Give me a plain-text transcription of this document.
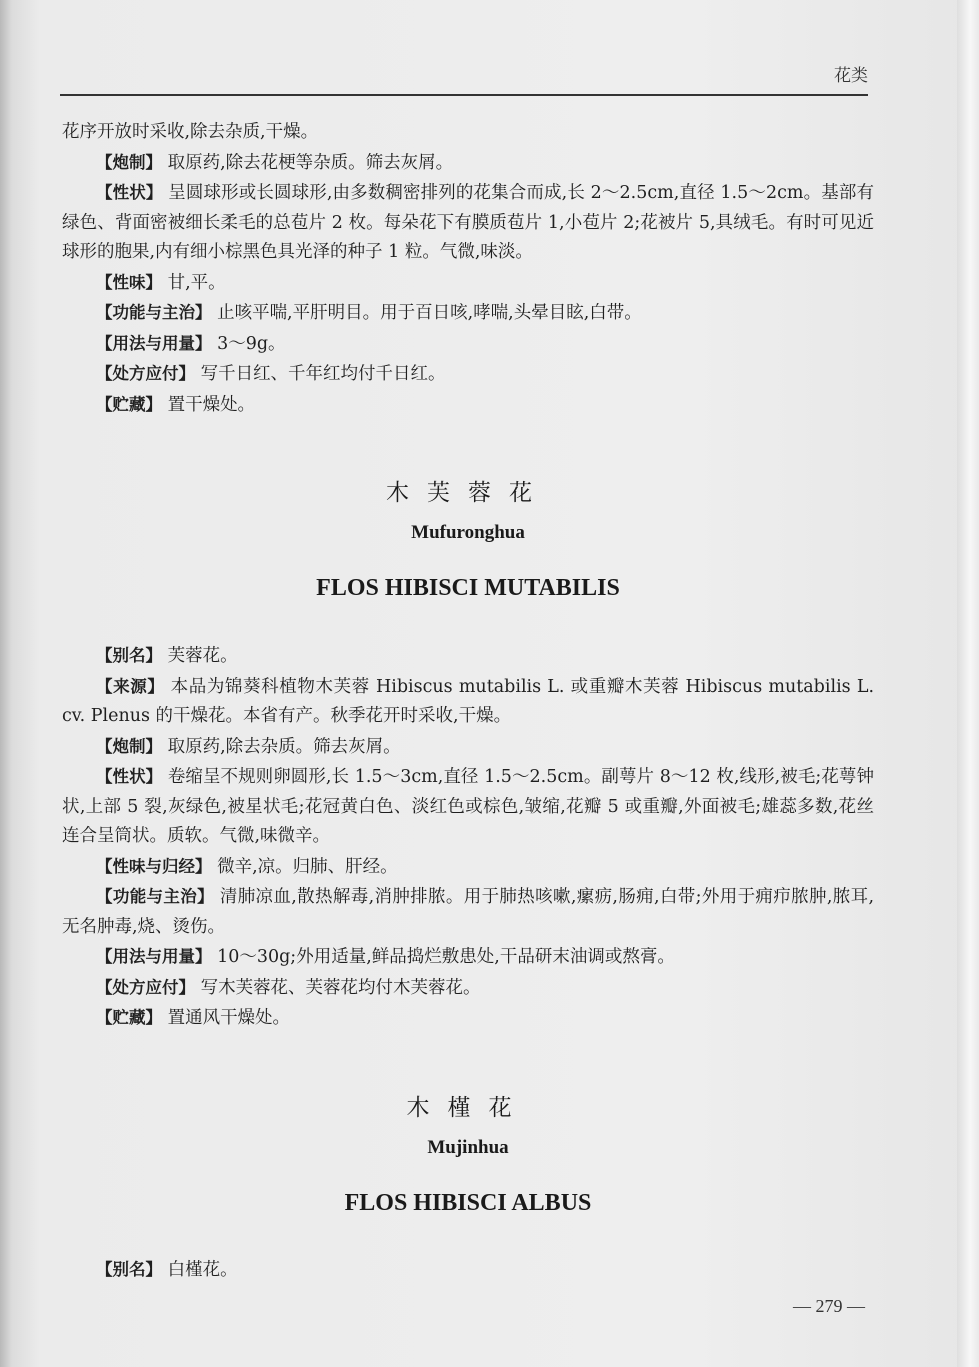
花类

花序开放时采收,除去杂质,干燥。

【炮制】 取原药,除去花梗等杂质。筛去灰屑。

【性状】 呈圆球形或长圆球形,由多数稠密排列的花集合而成,长 2～2.5cm,直径 1.5～2cm。基部有绿色、背面密被细长柔毛的总苞片 2 枚。每朵花下有膜质苞片 1,小苞片 2;花被片 5,具绒毛。有时可见近球形的胞果,内有细小棕黑色具光泽的种子 1 粒。气微,味淡。

【性味】 甘,平。

【功能与主治】 止咳平喘,平肝明目。用于百日咳,哮喘,头晕目眩,白带。

【用法与用量】 3～9g。

【处方应付】 写千日红、千年红均付千日红。

【贮藏】 置干燥处。

木芙蓉花
Mufuronghua
FLOS HIBISCI MUTABILIS

【别名】 芙蓉花。

【来源】 本品为锦葵科植物木芙蓉 Hibiscus mutabilis L. 或重瓣木芙蓉 Hibiscus mutabilis L. cv. Plenus 的干燥花。本省有产。秋季花开时采收,干燥。

【炮制】 取原药,除去杂质。筛去灰屑。

【性状】 卷缩呈不规则卵圆形,长 1.5～3cm,直径 1.5～2.5cm。副萼片 8～12 枚,线形,被毛;花萼钟状,上部 5 裂,灰绿色,被星状毛;花冠黄白色、淡红色或棕色,皱缩,花瓣 5 或重瓣,外面被毛;雄蕊多数,花丝连合呈筒状。质软。气微,味微辛。

【性味与归经】 微辛,凉。归肺、肝经。

【功能与主治】 清肺凉血,散热解毒,消肿排脓。用于肺热咳嗽,瘰疬,肠痈,白带;外用于痈疖脓肿,脓耳,无名肿毒,烧、烫伤。

【用法与用量】 10～30g;外用适量,鲜品捣烂敷患处,干品研末油调或熬膏。

【处方应付】 写木芙蓉花、芙蓉花均付木芙蓉花。

【贮藏】 置通风干燥处。

木槿花
Mujinhua
FLOS HIBISCI ALBUS

【别名】 白槿花。

— 279 —
